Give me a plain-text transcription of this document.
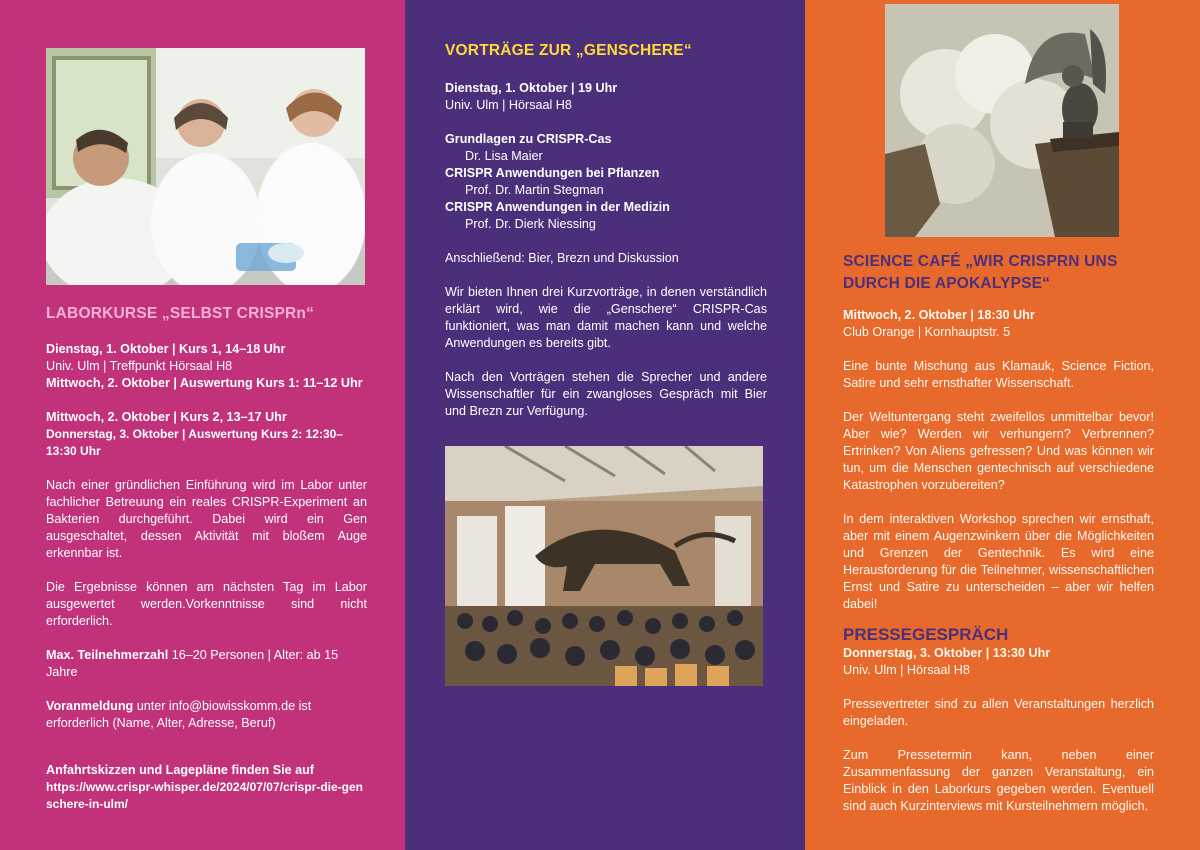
LABORKURSE „SELBST CRISPRn“

Dienstag, 1. Oktober | Kurs 1, 14–18 Uhr

Univ. Ulm | Treffpunkt Hörsaal H8

Mittwoch, 2. Oktober | Auswertung Kurs 1: 11–12 Uhr

Mittwoch, 2. Oktober | Kurs 2, 13–17 Uhr

Donnerstag, 3. Oktober | Auswertung Kurs 2: 12:30–13:30 Uhr

Nach einer gründlichen Einführung wird im Labor unter fachlicher Betreuung ein reales CRISPR-Experiment an Bakterien durchgeführt. Dabei wird ein Gen ausgeschaltet, dessen Aktivität mit bloßem Auge erkennbar ist.

Die Ergebnisse können am nächsten Tag im Labor ausgewertet werden.Vorkenntnisse sind nicht erforderlich.

Max. Teilnehmerzahl 16–20 Personen | Alter: ab 15 Jahre

Voranmeldung unter info@biowisskomm.de ist erforderlich (Name, Alter, Adresse, Beruf)

Anfahrtskizzen und Lagepläne finden Sie auf

https://www.crispr-whisper.de/2024/07/07/crispr-die-genschere-in-ulm/

VORTRÄGE ZUR „GENSCHERE“

Dienstag, 1. Oktober | 19 Uhr

Univ. Ulm | Hörsaal H8

Grundlagen zu CRISPR-Cas

Dr. Lisa Maier

CRISPR Anwendungen bei Pflanzen

Prof. Dr. Martin Stegman

CRISPR Anwendungen in der Medizin

Prof. Dr. Dierk Niessing

Anschließend: Bier, Brezn und Diskussion

Wir bieten Ihnen drei Kurzvorträge, in denen verständlich erklärt wird, wie die „Genschere“ CRISPR-Cas funktioniert, was man damit machen kann und welche Anwendungen es bereits gibt.

Nach den Vorträgen stehen die Sprecher und andere Wissenschaftler für ein zwangloses Gespräch mit Bier und Brezn zur Verfügung.

SCIENCE CAFÉ „WIR CRISPRN UNS DURCH DIE APOKALYPSE“

Mittwoch, 2. Oktober | 18:30 Uhr

Club Orange | Kornhauptstr. 5

Eine bunte Mischung aus Klamauk, Science Fiction, Satire und sehr ernsthafter Wissenschaft.

Der Weltuntergang steht zweifellos unmittelbar bevor! Aber wie? Werden wir verhungern? Verbrennen? Ertrinken? Von Aliens gefressen? Und was können wir tun, um die Menschen gentechnisch auf verschiedene Katastrophen vorzubereiten?

In dem interaktiven Workshop sprechen wir ernsthaft, aber mit einem Augenzwinkern über die Möglichkeiten und Grenzen der Gentechnik. Es wird eine Herausforderung für die Teilnehmer, wissenschaftlichen Ernst und Satire zu unterscheiden – aber wir helfen dabei!

PRESSEGESPRÄCH

Donnerstag, 3. Oktober | 13:30 Uhr

Univ. Ulm | Hörsaal H8

Pressevertreter sind zu allen Veranstaltungen herzlich eingeladen.

Zum Pressetermin kann, neben einer Zusammenfassung der ganzen Veranstaltung, ein Einblick in den Laborkurs gegeben werden. Eventuell sind auch Kurzinterviews mit Kursteilnehmern möglich.
